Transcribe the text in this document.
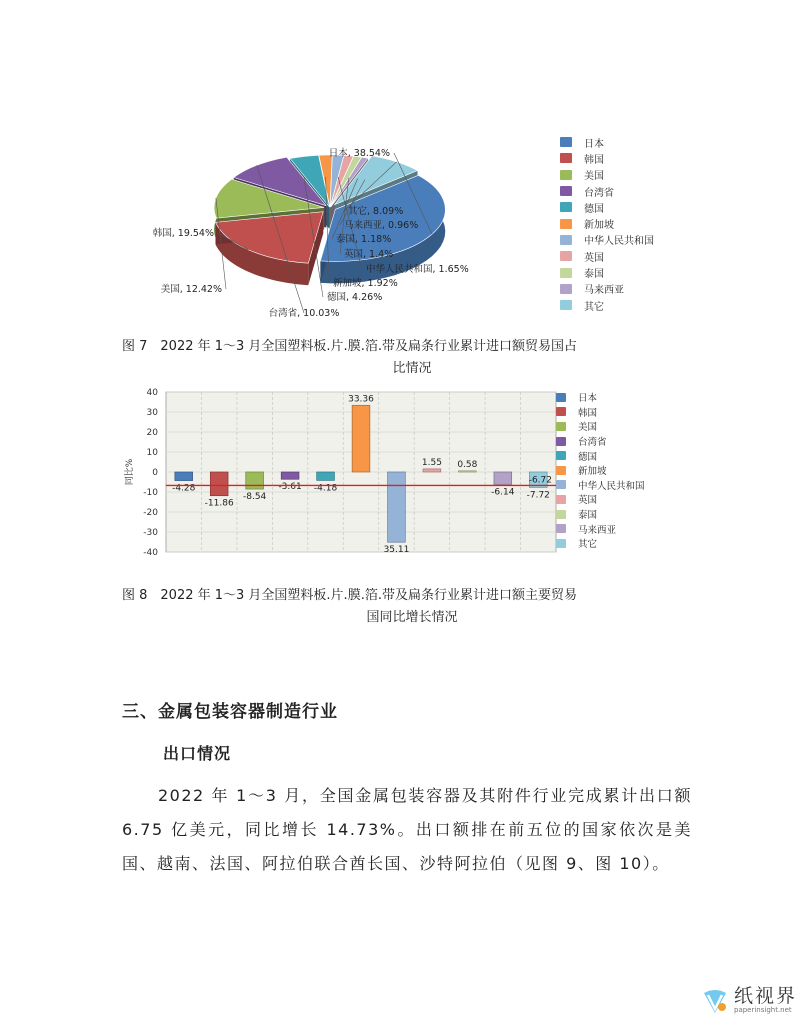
日本, 38.54%
韩国, 19.54%
美国, 12.42%
台湾省, 10.03%
德国, 4.26%
新加坡, 1.92%
中华人民共和国, 1.65%
英国, 1.4%
泰国, 1.18%
马来西亚, 0.96%
其它, 8.09%
日本
韩国
美国
台湾省
德国
新加坡
中华人民共和国
英国
泰国
马来西亚
其它
图 7　2022 年 1～3 月全国塑料板.片.膜.箔.带及扁条行业累计进口额贸易国占
比情况
40
30
20
10
0
-10
-20
-30
-40
同比%
-4.28
-11.86
-8.54
-3.61 -4.18
33.36
35.11
1.55 0.58
-6.14 -7.72
-6.72
日本
韩国
美国
台湾省
德国
新加坡
中华人民共和国
英国
泰国
马来西亚
其它
图 8　2022 年 1～3 月全国塑料板.片.膜.箔.带及扁条行业累计进口额主要贸易
国同比增长情况
三、金属包装容器制造行业
出口情况

2022 年 1～3 月，全国金属包装容器及其附件行业完成累计出口额 6.75 亿美元，同比增长 14.73%。出口额排在前五位的国家依次是美国、越南、法国、阿拉伯联合酋长国、沙特阿拉伯（见图 9、图 10）。

纸视界
paperinsight.net
